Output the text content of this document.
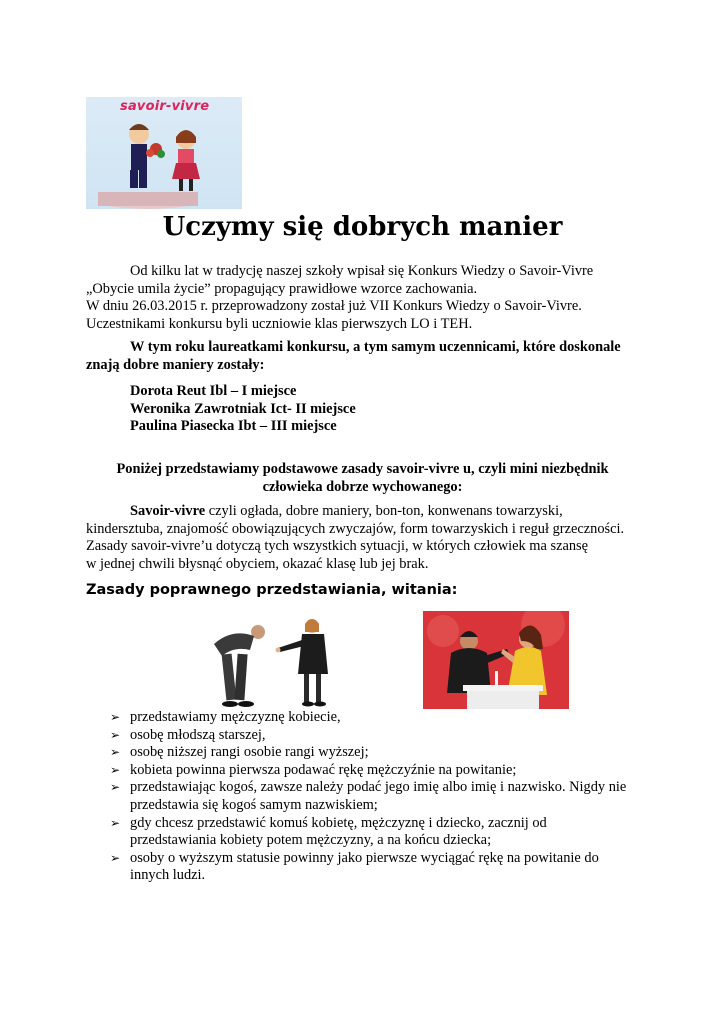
savoir-vivre
Uczymy się dobrych manier
Od kilku lat w tradycję naszej szkoły wpisał się Konkurs Wiedzy o Savoir-Vivre
„Obycie umila życie” propagujący prawidłowe wzorce zachowania.
W dniu 26.03.2015 r. przeprowadzony został już VII Konkurs Wiedzy o Savoir-Vivre.
Uczestnikami konkursu byli uczniowie klas pierwszych LO i TEH.
W tym roku laureatkami konkursu, a tym samym uczennicami, które doskonale
znają dobre maniery zostały:
Dorota Reut Ibl – I miejsce
Weronika Zawrotniak Ict- II miejsce
Paulina Piasecka Ibt – III miejsce
Poniżej przedstawiamy podstawowe zasady savoir-vivre u, czyli mini niezbędnik
człowieka dobrze wychowanego:
Savoir-vivre czyli ogłada, dobre maniery, bon-ton, konwenans towarzyski,
kindersztuba, znajomość obowiązujących zwyczajów, form towarzyskich i reguł grzeczności.
Zasady savoir-vivre’u dotyczą tych wszystkich sytuacji, w których człowiek ma szansę
w jednej chwili błysnąć obyciem, okazać klasę lub jej brak.
Zasady poprawnego przedstawiania, witania:
➢ przedstawiamy mężczyznę kobiecie,
➢ osobę młodszą starszej,
➢ osobę niższej rangi osobie rangi wyższej;
➢ kobieta powinna pierwsza podawać rękę mężczyźnie na powitanie;
➢ przedstawiając kogoś, zawsze należy podać jego imię albo imię i nazwisko. Nigdy nie
przedstawia się kogoś samym nazwiskiem;
➢ gdy chcesz przedstawić komuś kobietę, mężczyznę i dziecko, zacznij od
przedstawiania kobiety potem mężczyzny, a na końcu dziecka;
➢ osoby o wyższym statusie powinny jako pierwsze wyciągać rękę na powitanie do
innych ludzi.
